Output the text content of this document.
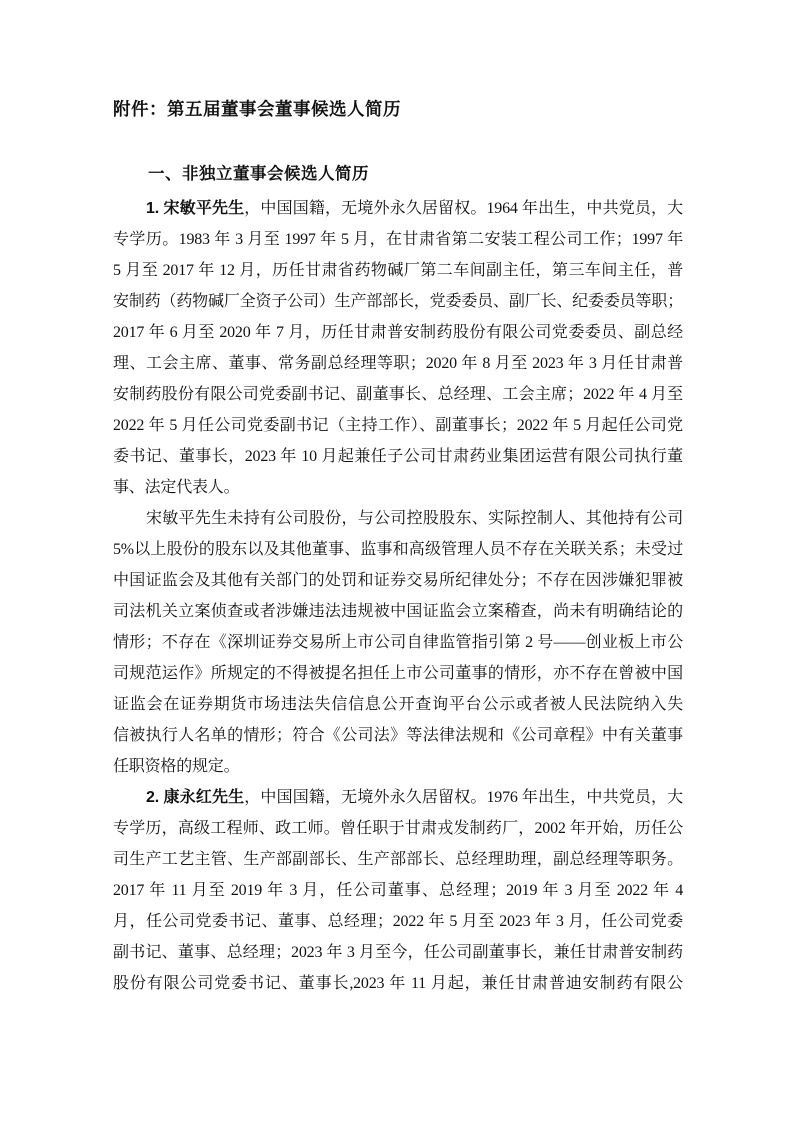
附件：第五届董事会董事候选人简历
一、非独立董事会候选人简历
1. 宋敏平先生，中国国籍，无境外永久居留权。1964 年出生，中共党员，大
专学历。1983 年 3 月至 1997 年 5 月，在甘肃省第二安装工程公司工作；1997 年
5 月至 2017 年 12 月，历任甘肃省药物碱厂第二车间副主任，第三车间主任，普
安制药（药物碱厂全资子公司）生产部部长，党委委员、副厂长、纪委委员等职；
2017 年 6 月至 2020 年 7 月，历任甘肃普安制药股份有限公司党委委员、副总经
理、工会主席、董事、常务副总经理等职；2020 年 8 月至 2023 年 3 月任甘肃普
安制药股份有限公司党委副书记、副董事长、总经理、工会主席；2022 年 4 月至
2022 年 5 月任公司党委副书记（主持工作）、副董事长；2022 年 5 月起任公司党
委书记、董事长，2023 年 10 月起兼任子公司甘肃药业集团运营有限公司执行董
事、法定代表人。
宋敏平先生未持有公司股份，与公司控股股东、实际控制人、其他持有公司
5%以上股份的股东以及其他董事、监事和高级管理人员不存在关联关系；未受过
中国证监会及其他有关部门的处罚和证券交易所纪律处分；不存在因涉嫌犯罪被
司法机关立案侦查或者涉嫌违法违规被中国证监会立案稽查，尚未有明确结论的
情形；不存在《深圳证券交易所上市公司自律监管指引第 2 号——创业板上市公
司规范运作》所规定的不得被提名担任上市公司董事的情形，亦不存在曾被中国
证监会在证券期货市场违法失信信息公开查询平台公示或者被人民法院纳入失
信被执行人名单的情形；符合《公司法》等法律法规和《公司章程》中有关董事
任职资格的规定。
2. 康永红先生，中国国籍，无境外永久居留权。1976 年出生，中共党员，大
专学历，高级工程师、政工师。曾任职于甘肃戎发制药厂，2002 年开始，历任公
司生产工艺主管、生产部副部长、生产部部长、总经理助理，副总经理等职务。
2017 年 11 月至 2019 年 3 月，任公司董事、总经理；2019 年 3 月至 2022 年 4
月，任公司党委书记、董事、总经理；2022 年 5 月至 2023 年 3 月，任公司党委
副书记、董事、总经理；2023 年 3 月至今，任公司副董事长，兼任甘肃普安制药
股份有限公司党委书记、董事长,2023 年 11 月起，兼任甘肃普迪安制药有限公
